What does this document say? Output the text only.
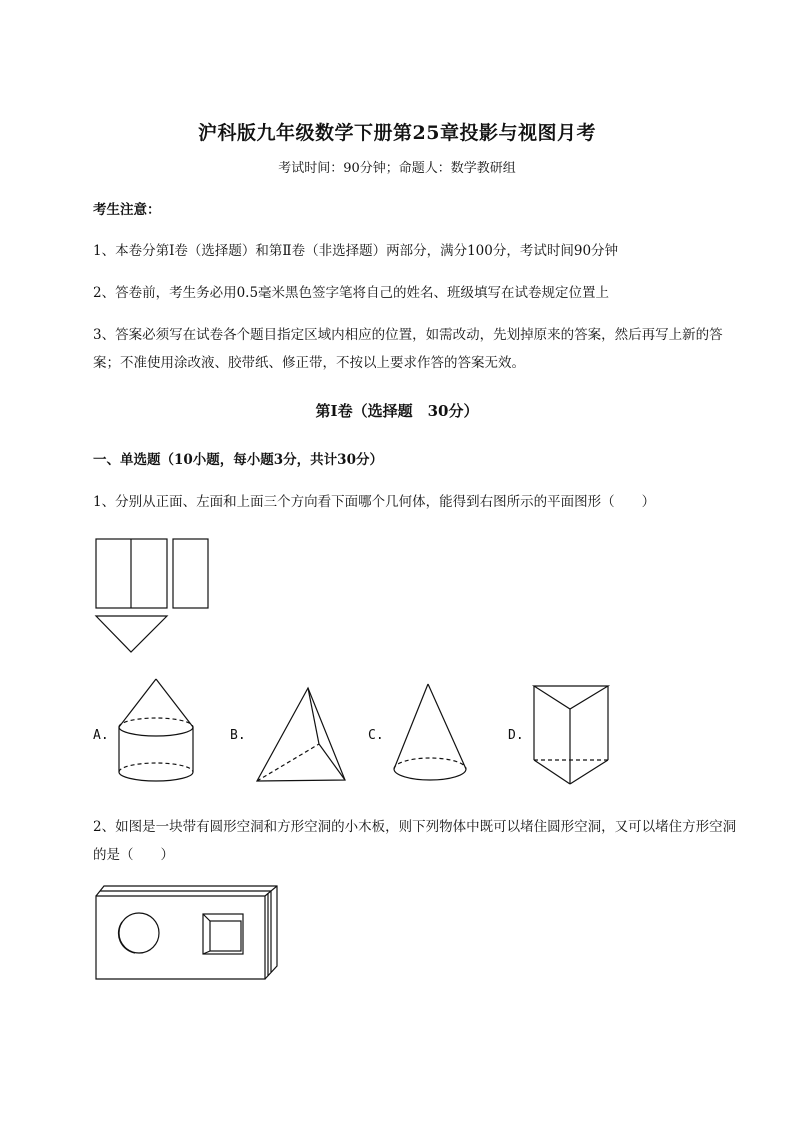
沪科版九年级数学下册第25章投影与视图月考
考试时间：90分钟；命题人：数学教研组
考生注意：
1、本卷分第I卷（选择题）和第Ⅱ卷（非选择题）两部分，满分100分，考试时间90分钟
2、答卷前，考生务必用0.5毫米黑色签字笔将自己的姓名、班级填写在试卷规定位置上
3、答案必须写在试卷各个题目指定区域内相应的位置，如需改动，先划掉原来的答案，然后再写上新的答案；不准使用涂改液、胶带纸、修正带，不按以上要求作答的答案无效。
第I卷（选择题　30分）
一、单选题（10小题，每小题3分，共计30分）
1、分别从正面、左面和上面三个方向看下面哪个几何体，能得到右图所示的平面图形（　　）
A.	B.	C.	D.
2、如图是一块带有圆形空洞和方形空洞的小木板，则下列物体中既可以堵住圆形空洞，又可以堵住方形空洞的是（　　）
